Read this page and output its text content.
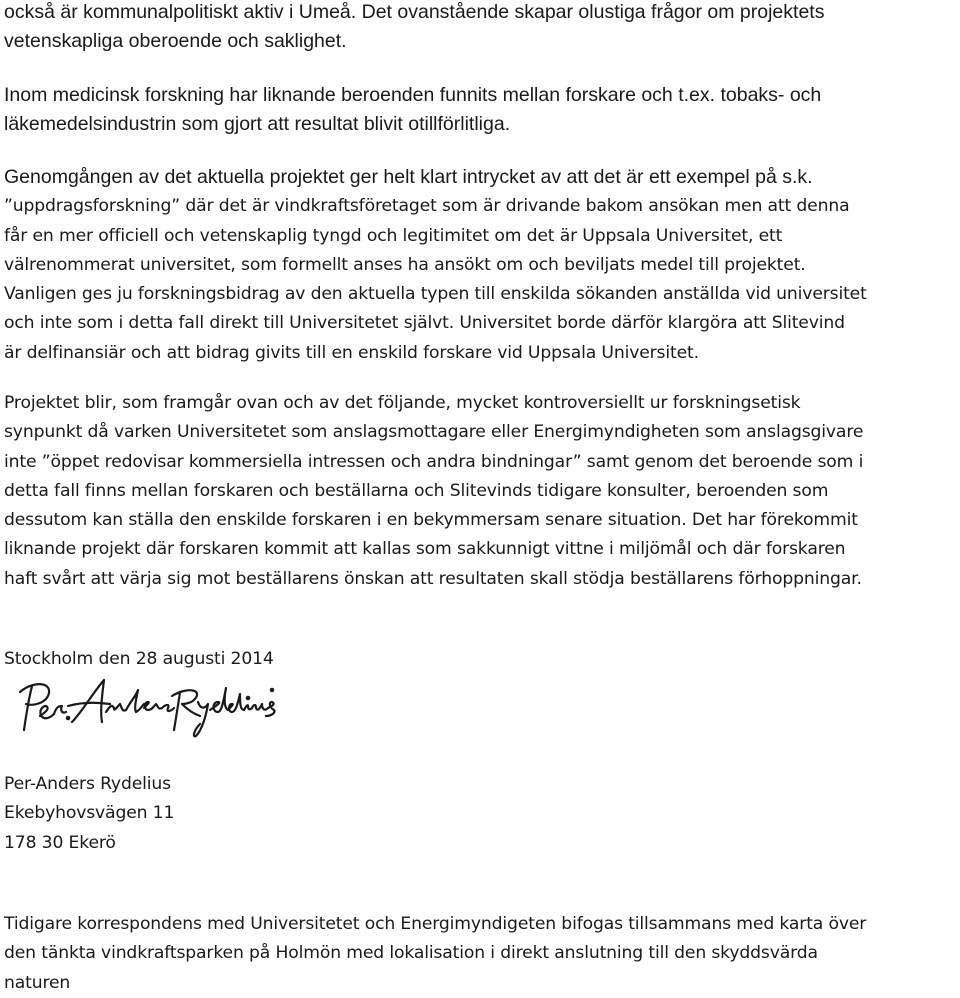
också är kommunalpolitiskt aktiv i Umeå. Det ovanstående skapar olustiga frågor om projektets
vetenskapliga oberoende och saklighet.

Inom medicinsk forskning har liknande beroenden funnits mellan forskare och t.ex. tobaks- och
läkemedelsindustrin som gjort att resultat blivit otillförlitliga.

Genomgången av det aktuella projektet ger helt klart intrycket av att det är ett exempel på s.k.
”uppdragsforskning” där det är vindkraftsföretaget som är drivande bakom ansökan men att denna
får en mer officiell och vetenskaplig tyngd och legitimitet om det är Uppsala Universitet, ett
välrenommerat universitet, som formellt anses ha ansökt om och beviljats medel till projektet.
Vanligen ges ju forskningsbidrag av den aktuella typen till enskilda sökanden anställda vid universitet
och inte som i detta fall direkt till Universitetet självt. Universitet borde därför klargöra att Slitevind
är delfinansiär och att bidrag givits till en enskild forskare vid Uppsala Universitet.

Projektet blir, som framgår ovan och av det följande, mycket kontroversiellt ur forskningsetisk
synpunkt då varken Universitetet som anslagsmottagare eller Energimyndigheten som anslagsgivare
inte ”öppet redovisar kommersiella intressen och andra bindningar” samt genom det beroende som i
detta fall finns mellan forskaren och beställarna och Slitevinds tidigare konsulter, beroenden som
dessutom kan ställa den enskilde forskaren i en bekymmersam senare situation. Det har förekommit
liknande projekt där forskaren kommit att kallas som sakkunnigt vittne i miljömål och där forskaren
haft svårt att värja sig mot beställarens önskan att resultaten skall stödja beställarens förhoppningar.

Stockholm den 28 augusti 2014

Per-Anders Rydelius
Ekebyhovsvägen 11
178 30 Ekerö

Tidigare korrespondens med Universitetet och Energimyndigeten bifogas tillsammans med karta över
den tänkta vindkraftsparken på Holmön med lokalisation i direkt anslutning till den skyddsvärda
naturen
